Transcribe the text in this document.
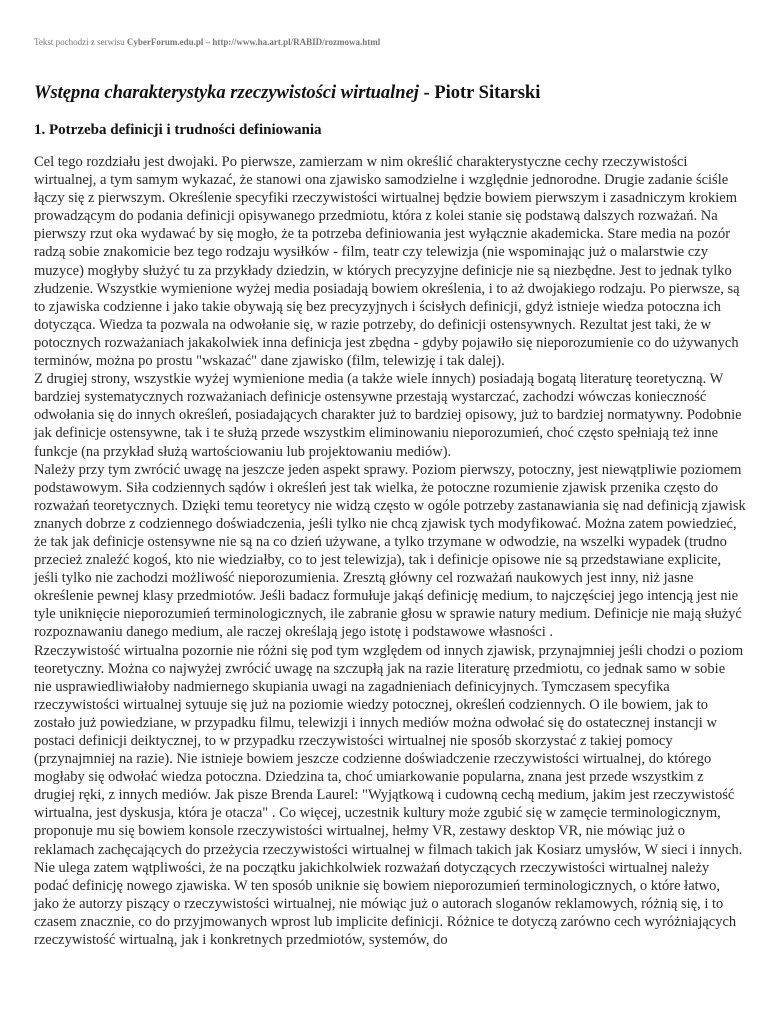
Tekst pochodzi z serwisu CyberForum.edu.pl – http://www.ha.art.pl/RABID/rozmowa.html
Wstępna charakterystyka rzeczywistości wirtualnej - Piotr Sitarski
1. Potrzeba definicji i trudności definiowania

Cel tego rozdziału jest dwojaki. Po pierwsze, zamierzam w nim określić charakterystyczne cechy rzeczywistości wirtualnej, a tym samym wykazać, że stanowi ona zjawisko samodzielne i względnie jednorodne. Drugie zadanie ściśle łączy się z pierwszym. Określenie specyfiki rzeczywistości wirtualnej będzie bowiem pierwszym i zasadniczym krokiem prowadzącym do podania definicji opisywanego przedmiotu, która z kolei stanie się podstawą dalszych rozważań. Na pierwszy rzut oka wydawać by się mogło, że ta potrzeba definiowania jest wyłącznie akademicka. Stare media na pozór radzą sobie znakomicie bez tego rodzaju wysiłków - film, teatr czy telewizja (nie wspominając już o malarstwie czy muzyce) mogłyby służyć tu za przykłady dziedzin, w których precyzyjne definicje nie są niezbędne. Jest to jednak tylko złudzenie. Wszystkie wymienione wyżej media posiadają bowiem określenia, i to aż dwojakiego rodzaju. Po pierwsze, są to zjawiska codzienne i jako takie obywają się bez precyzyjnych i ścisłych definicji, gdyż istnieje wiedza potoczna ich dotycząca. Wiedza ta pozwala na odwołanie się, w razie potrzeby, do definicji ostensywnych. Rezultat jest taki, że w potocznych rozważaniach jakakolwiek inna definicja jest zbędna - gdyby pojawiło się nieporozumienie co do używanych terminów, można po prostu "wskazać" dane zjawisko (film, telewizję i tak dalej).

Z drugiej strony, wszystkie wyżej wymienione media (a także wiele innych) posiadają bogatą literaturę teoretyczną. W bardziej systematycznych rozważaniach definicje ostensywne przestają wystarczać, zachodzi wówczas konieczność odwołania się do innych określeń, posiadających charakter już to bardziej opisowy, już to bardziej normatywny. Podobnie jak definicje ostensywne, tak i te służą przede wszystkim eliminowaniu nieporozumień, choć często spełniają też inne funkcje (na przykład służą wartościowaniu lub projektowaniu mediów).

Należy przy tym zwrócić uwagę na jeszcze jeden aspekt sprawy. Poziom pierwszy, potoczny, jest niewątpliwie poziomem podstawowym. Siła codziennych sądów i określeń jest tak wielka, że potoczne rozumienie zjawisk przenika często do rozważań teoretycznych. Dzięki temu teoretycy nie widzą często w ogóle potrzeby zastanawiania się nad definicją zjawisk znanych dobrze z codziennego doświadczenia, jeśli tylko nie chcą zjawisk tych modyfikować. Można zatem powiedzieć, że tak jak definicje ostensywne nie są na co dzień używane, a tylko trzymane w odwodzie, na wszelki wypadek (trudno przecież znaleźć kogoś, kto nie wiedziałby, co to jest telewizja), tak i definicje opisowe nie są przedstawiane explicite, jeśli tylko nie zachodzi możliwość nieporozumienia. Zresztą główny cel rozważań naukowych jest inny, niż jasne określenie pewnej klasy przedmiotów. Jeśli badacz formułuje jakąś definicję medium, to najczęściej jego intencją jest nie tyle uniknięcie nieporozumień terminologicznych, ile zabranie głosu w sprawie natury medium. Definicje nie mają służyć rozpoznawaniu danego medium, ale raczej określają jego istotę i podstawowe własności .

Rzeczywistość wirtualna pozornie nie różni się pod tym względem od innych zjawisk, przynajmniej jeśli chodzi o poziom teoretyczny. Można co najwyżej zwrócić uwagę na szczupłą jak na razie literaturę przedmiotu, co jednak samo w sobie nie usprawiedliwiałoby nadmiernego skupiania uwagi na zagadnieniach definicyjnych. Tymczasem specyfika rzeczywistości wirtualnej sytuuje się już na poziomie wiedzy potocznej, określeń codziennych. O ile bowiem, jak to zostało już powiedziane, w przypadku filmu, telewizji i innych mediów można odwołać się do ostatecznej instancji w postaci definicji deiktycznej, to w przypadku rzeczywistości wirtualnej nie sposób skorzystać z takiej pomocy (przynajmniej na razie). Nie istnieje bowiem jeszcze codzienne doświadczenie rzeczywistości wirtualnej, do którego mogłaby się odwołać wiedza potoczna. Dziedzina ta, choć umiarkowanie popularna, znana jest przede wszystkim z drugiej ręki, z innych mediów. Jak pisze Brenda Laurel: "Wyjątkową i cudowną cechą medium, jakim jest rzeczywistość wirtualna, jest dyskusja, która je otacza" . Co więcej, uczestnik kultury może zgubić się w zamęcie terminologicznym, proponuje mu się bowiem konsole rzeczywistości wirtualnej, hełmy VR, zestawy desktop VR, nie mówiąc już o reklamach zachęcających do przeżycia rzeczywistości wirtualnej w filmach takich jak Kosiarz umysłów, W sieci i innych. Nie ulega zatem wątpliwości, że na początku jakichkolwiek rozważań dotyczących rzeczywistości wirtualnej należy podać definicję nowego zjawiska. W ten sposób uniknie się bowiem nieporozumień terminologicznych, o które łatwo, jako że autorzy piszący o rzeczywistości wirtualnej, nie mówiąc już o autorach sloganów reklamowych, różnią się, i to czasem znacznie, co do przyjmowanych wprost lub implicite definicji. Różnice te dotyczą zarówno cech wyróżniających rzeczywistość wirtualną, jak i konkretnych przedmiotów, systemów, do
